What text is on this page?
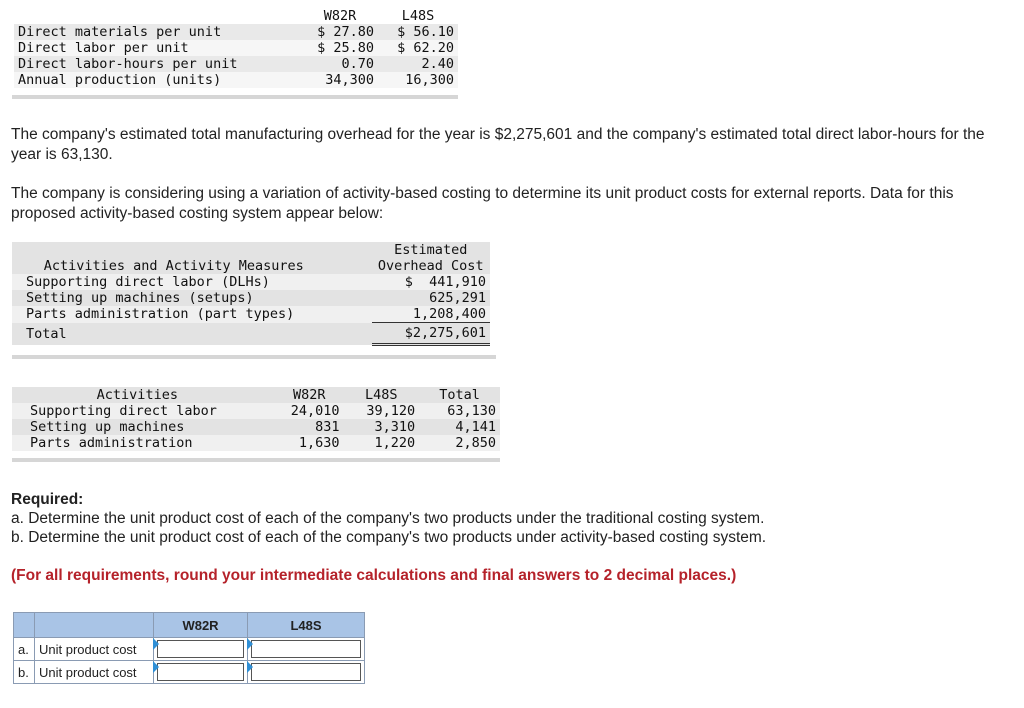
	W82R	L48S
Direct materials per unit	$ 27.80	$ 56.10
Direct labor per unit	$ 25.80	$ 62.20
Direct labor-hours per unit	0.70	2.40
Annual production (units)	34,300	16,300
The company's estimated total manufacturing overhead for the year is $2,275,601 and the company's estimated total direct labor-hours for the year is 63,130.
The company is considering using a variation of activity-based costing to determine its unit product costs for external reports. Data for this proposed activity-based costing system appear below:
	Estimated
Activities and Activity Measures	Overhead Cost
Supporting direct labor (DLHs)	$  441,910
Setting up machines (setups)	625,291
Parts administration (part types)	1,208,400
Total	$2,275,601
Activities	W82R	L48S	Total
Supporting direct labor	24,010	39,120	63,130
Setting up machines	831	3,310	4,141
Parts administration	1,630	1,220	2,850
Required:
a. Determine the unit product cost of each of the company's two products under the traditional costing system.
b. Determine the unit product cost of each of the company's two products under activity-based costing system.
(For all requirements, round your intermediate calculations and final answers to 2 decimal places.)
		W82R	L48S
a.	Unit product cost	

b.	Unit product cost	
